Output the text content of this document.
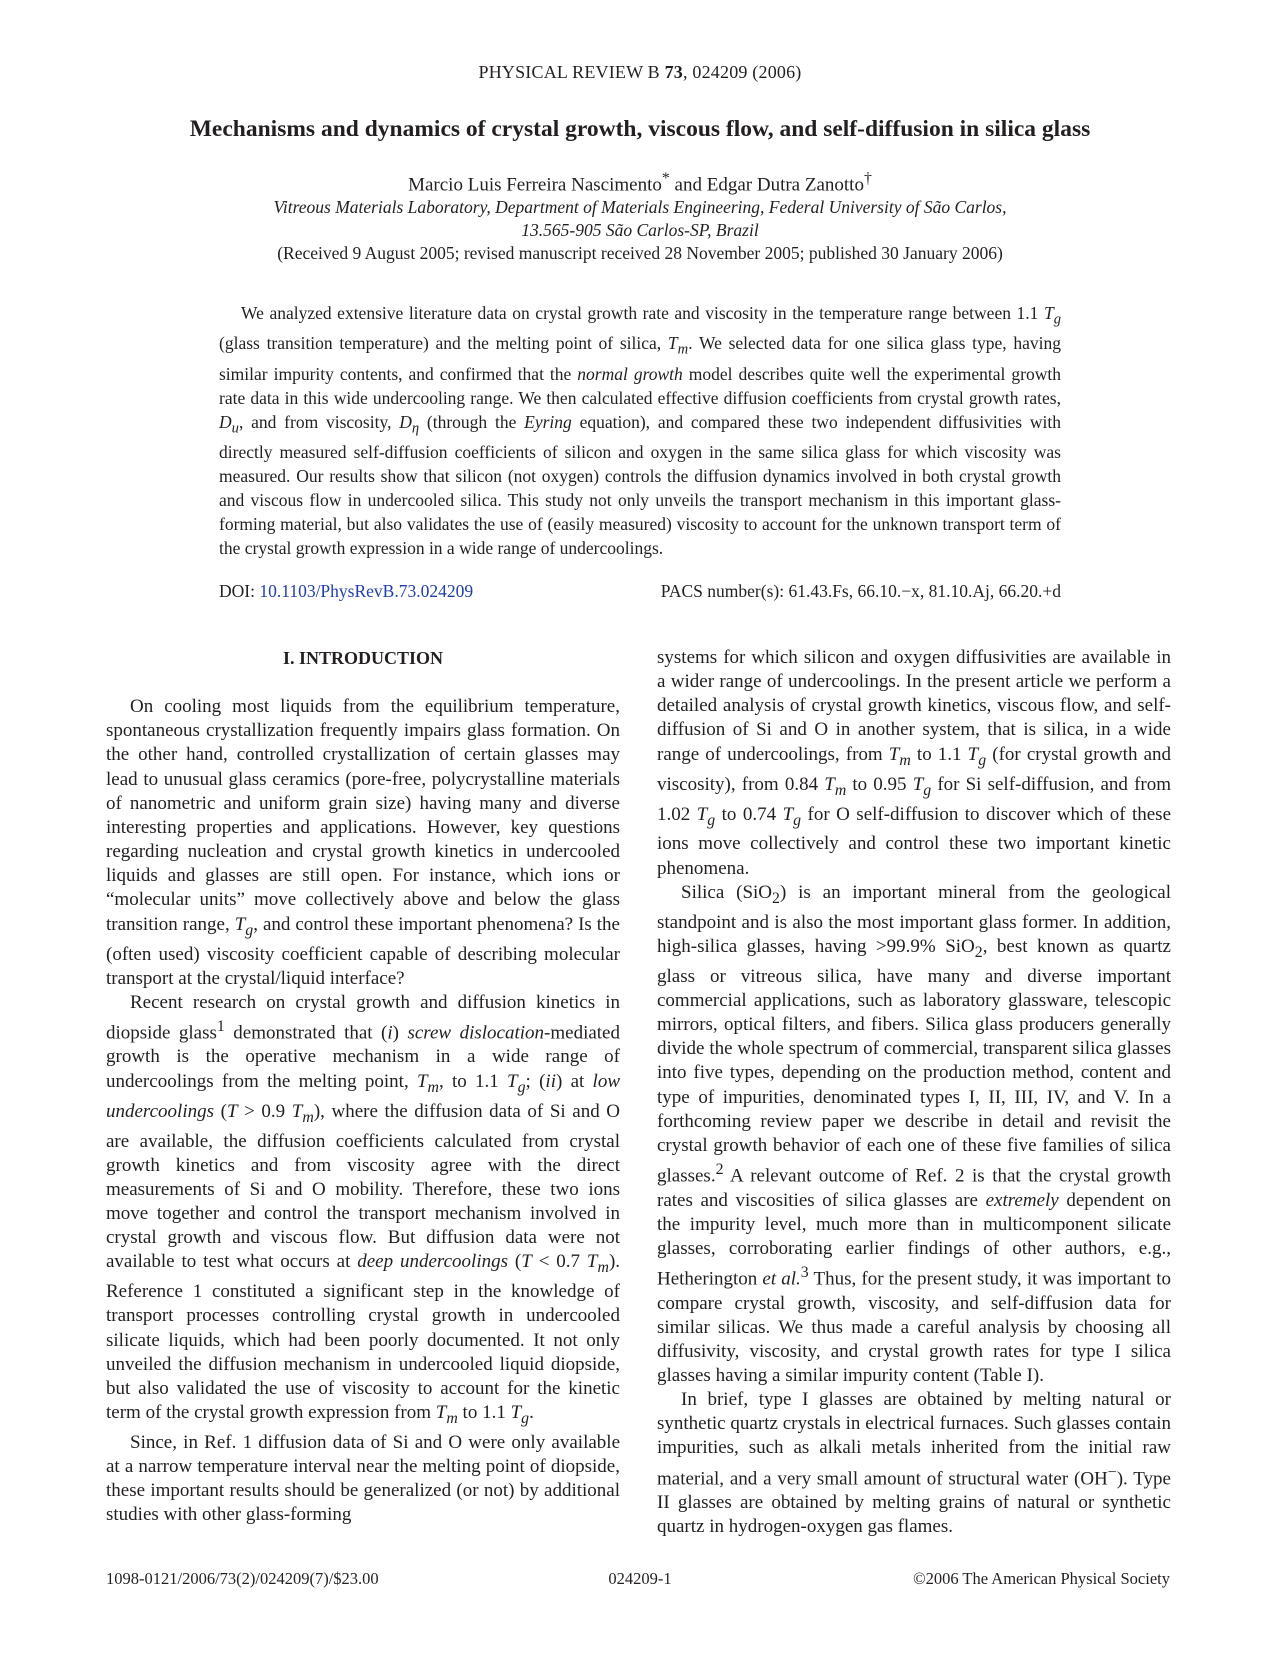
PHYSICAL REVIEW B 73, 024209 (2006)
Mechanisms and dynamics of crystal growth, viscous flow, and self-diffusion in silica glass
Marcio Luis Ferreira Nascimento* and Edgar Dutra Zanotto†
Vitreous Materials Laboratory, Department of Materials Engineering, Federal University of São Carlos,
13.565-905 São Carlos-SP, Brazil
(Received 9 August 2005; revised manuscript received 28 November 2005; published 30 January 2006)
We analyzed extensive literature data on crystal growth rate and viscosity in the temperature range between 1.1 $T_g$ (glass transition temperature) and the melting point of silica, $T_m$. We selected data for one silica glass type, having similar impurity contents, and confirmed that the normal growth model describes quite well the experimental growth rate data in this wide undercooling range. We then calculated effective diffusion coefficients from crystal growth rates, $D_u$, and from viscosity, $D_\eta$ (through the Eyring equation), and compared these two independent diffusivities with directly measured self-diffusion coefficients of silicon and oxygen in the same silica glass for which viscosity was measured. Our results show that silicon (not oxygen) controls the diffusion dynamics involved in both crystal growth and viscous flow in undercooled silica. This study not only unveils the transport mechanism in this important glass-forming material, but also validates the use of (easily measured) viscosity to account for the unknown transport term of the crystal growth expression in a wide range of undercoolings.
DOI: 10.1103/PhysRevB.73.024209	PACS number(s): 61.43.Fs, 66.10.−x, 81.10.Aj, 66.20.+d
I. INTRODUCTION

On cooling most liquids from the equilibrium temperature, spontaneous crystallization frequently impairs glass formation. On the other hand, controlled crystallization of certain glasses may lead to unusual glass ceramics (pore-free, polycrystalline materials of nanometric and uniform grain size) having many and diverse interesting properties and applications. However, key questions regarding nucleation and crystal growth kinetics in undercooled liquids and glasses are still open. For instance, which ions or “molecular units” move collectively above and below the glass transition range, $T_g$, and control these important phenomena? Is the (often used) viscosity coefficient capable of describing molecular transport at the crystal/liquid interface?

Recent research on crystal growth and diffusion kinetics in diopside glass$^1$ demonstrated that (i) screw dislocation-mediated growth is the operative mechanism in a wide range of undercoolings from the melting point, $T_m$, to 1.1 $T_g$; (ii) at low undercoolings (T > 0.9 $T_m$), where the diffusion data of Si and O are available, the diffusion coefficients calculated from crystal growth kinetics and from viscosity agree with the direct measurements of Si and O mobility. Therefore, these two ions move together and control the transport mechanism involved in crystal growth and viscous flow. But diffusion data were not available to test what occurs at deep undercoolings (T < 0.7 $T_m$). Reference 1 constituted a significant step in the knowledge of transport processes controlling crystal growth in undercooled silicate liquids, which had been poorly documented. It not only unveiled the diffusion mechanism in undercooled liquid diopside, but also validated the use of viscosity to account for the kinetic term of the crystal growth expression from $T_m$ to 1.1 $T_g$.

Since, in Ref. 1 diffusion data of Si and O were only available at a narrow temperature interval near the melting point of diopside, these important results should be generalized (or not) by additional studies with other glass-forming

systems for which silicon and oxygen diffusivities are available in a wider range of undercoolings. In the present article we perform a detailed analysis of crystal growth kinetics, viscous flow, and self-diffusion of Si and O in another system, that is silica, in a wide range of undercoolings, from $T_m$ to 1.1 $T_g$ (for crystal growth and viscosity), from 0.84 $T_m$ to 0.95 $T_g$ for Si self-diffusion, and from 1.02 $T_g$ to 0.74 $T_g$ for O self-diffusion to discover which of these ions move collectively and control these two important kinetic phenomena.

Silica (SiO$_2$) is an important mineral from the geological standpoint and is also the most important glass former. In addition, high-silica glasses, having >99.9% SiO$_2$, best known as quartz glass or vitreous silica, have many and diverse important commercial applications, such as laboratory glassware, telescopic mirrors, optical filters, and fibers. Silica glass producers generally divide the whole spectrum of commercial, transparent silica glasses into five types, depending on the production method, content and type of impurities, denominated types I, II, III, IV, and V. In a forthcoming review paper we describe in detail and revisit the crystal growth behavior of each one of these five families of silica glasses.$^2$ A relevant outcome of Ref. 2 is that the crystal growth rates and viscosities of silica glasses are extremely dependent on the impurity level, much more than in multicomponent silicate glasses, corroborating earlier findings of other authors, e.g., Hetherington et al.$^3$ Thus, for the present study, it was important to compare crystal growth, viscosity, and self-diffusion data for similar silicas. We thus made a careful analysis by choosing all diffusivity, viscosity, and crystal growth rates for type I silica glasses having a similar impurity content (Table I).

In brief, type I glasses are obtained by melting natural or synthetic quartz crystals in electrical furnaces. Such glasses contain impurities, such as alkali metals inherited from the initial raw material, and a very small amount of structural water (OH−). Type II glasses are obtained by melting grains of natural or synthetic quartz in hydrogen-oxygen gas flames.

1098-0121/2006/73(2)/024209(7)/$23.00	024209-1	©2006 The American Physical Society
